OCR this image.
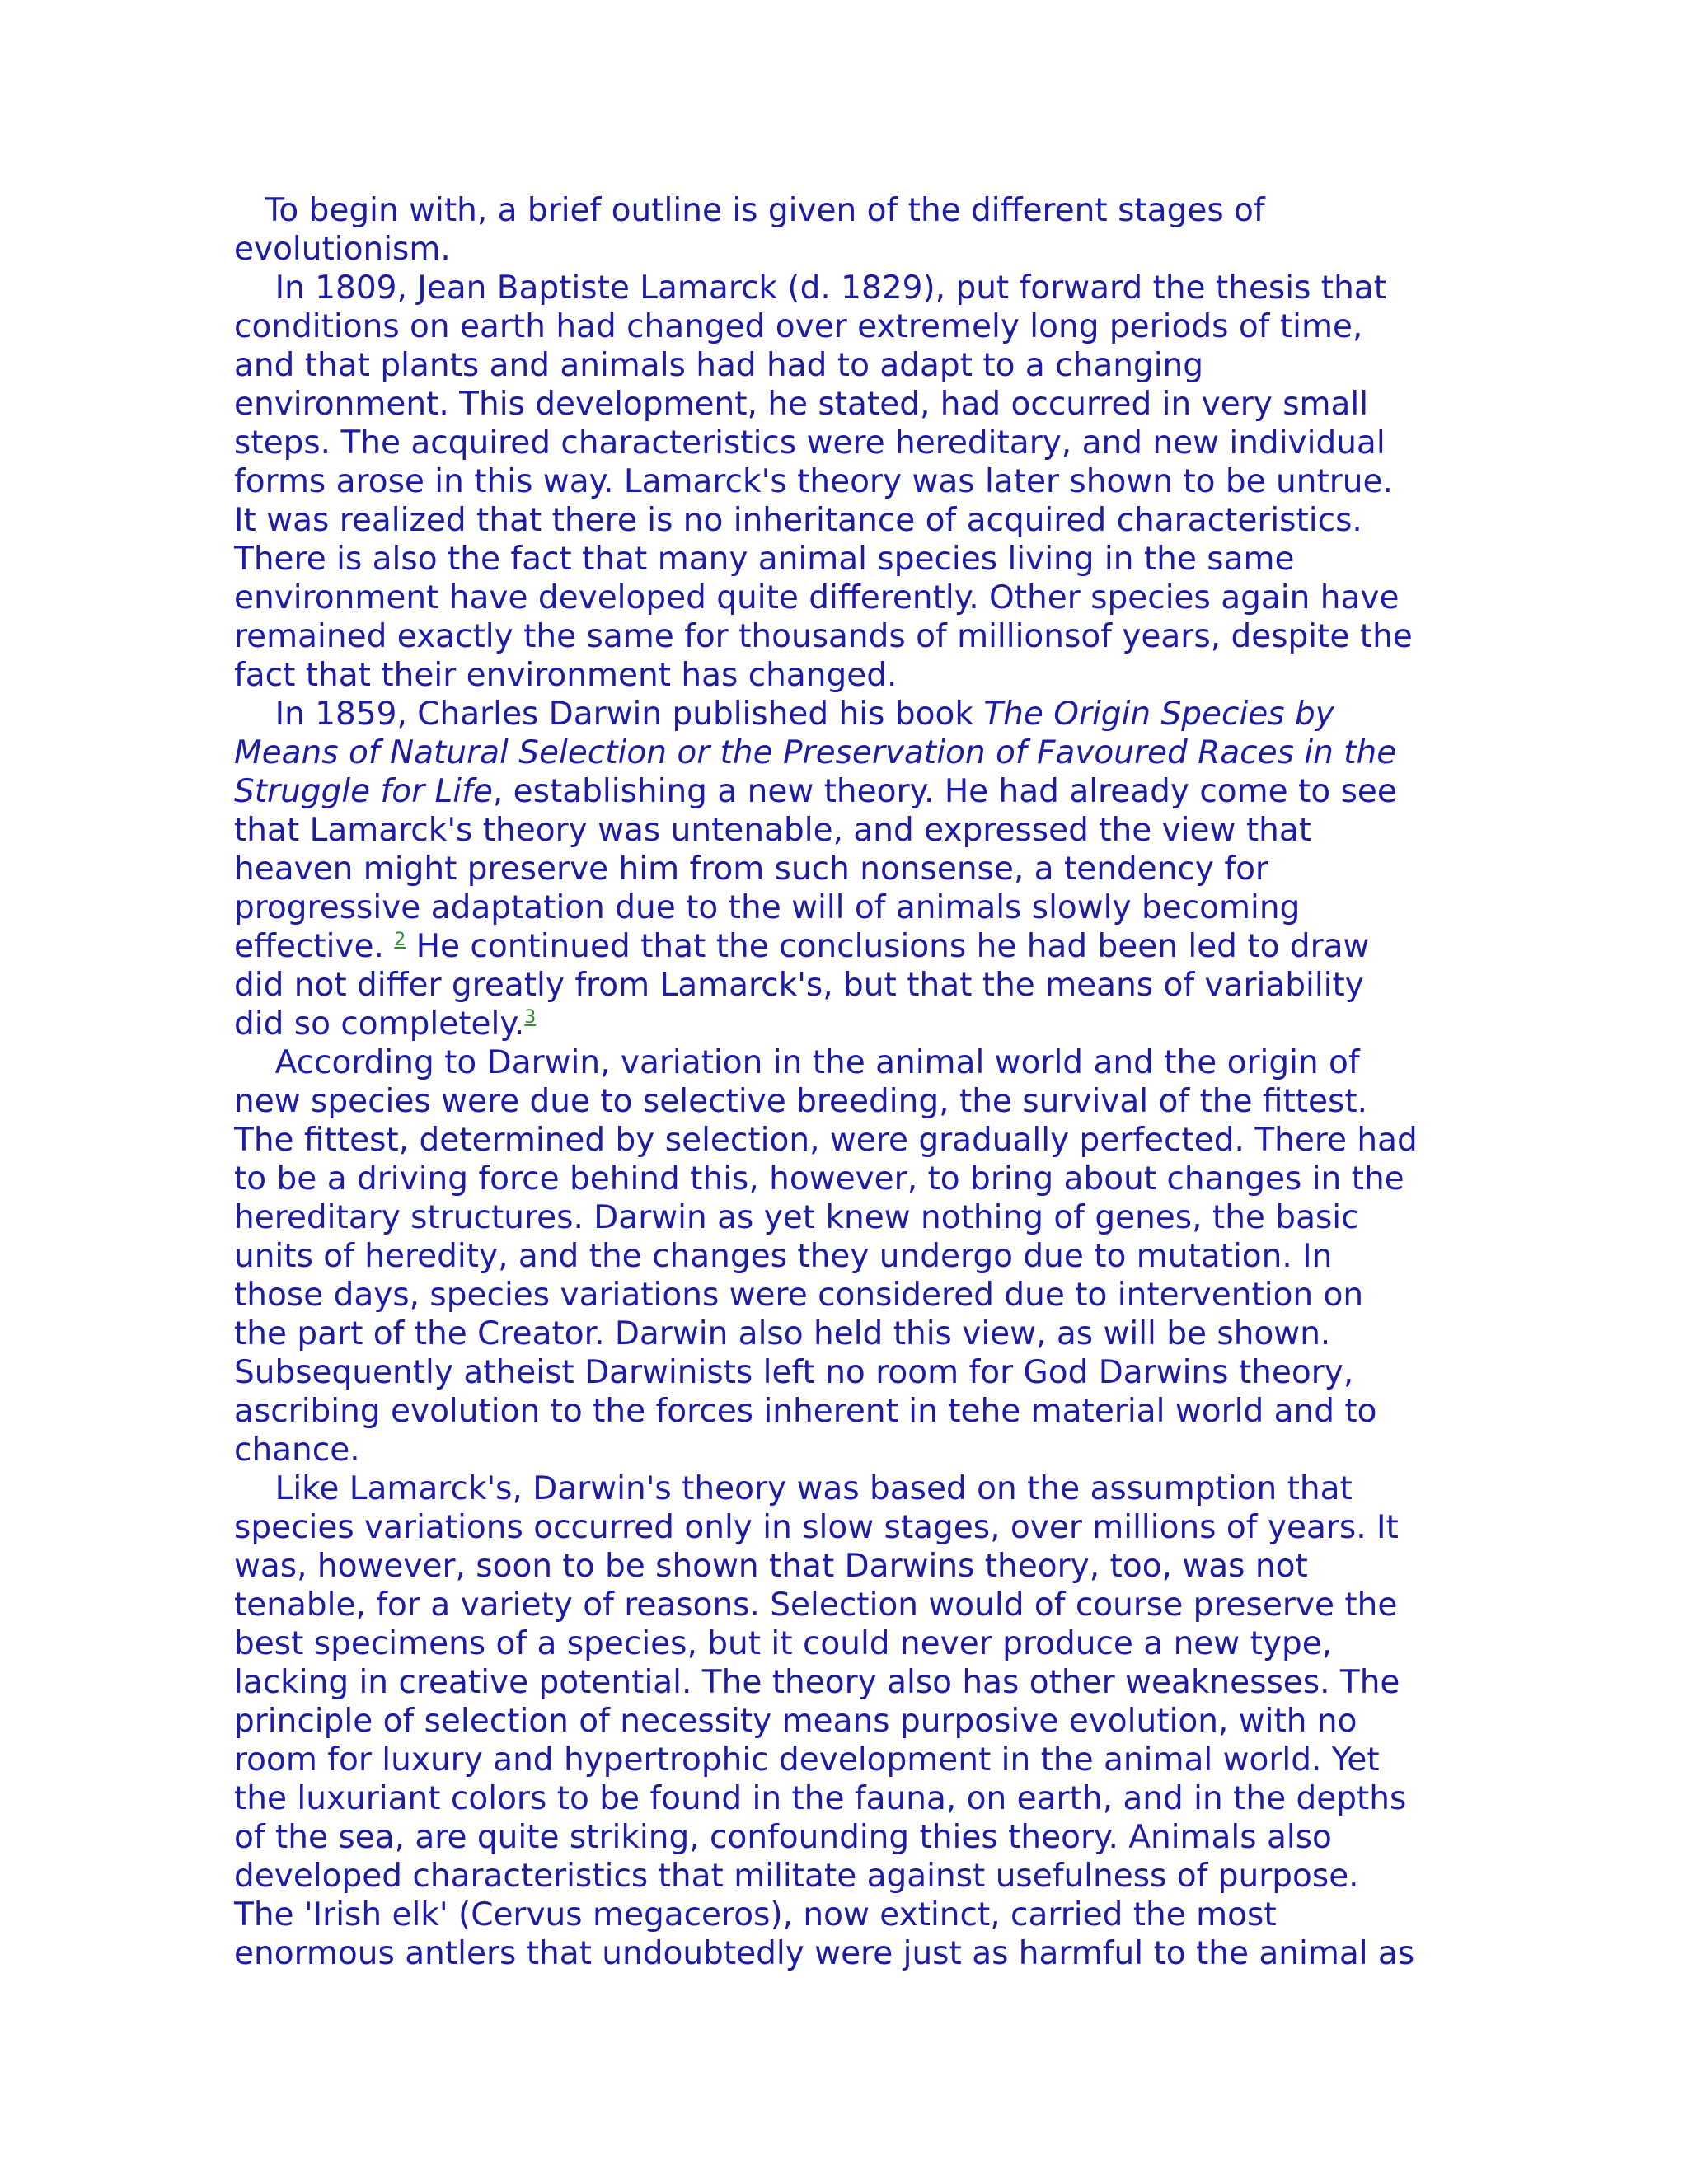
To begin with, a brief outline is given of the different stages of
evolutionism.
In 1809, Jean Baptiste Lamarck (d. 1829), put forward the thesis that
conditions on earth had changed over extremely long periods of time,
and that plants and animals had had to adapt to a changing
environment. This development, he stated, had occurred in very small
steps. The acquired characteristics were hereditary, and new individual
forms arose in this way. Lamarck's theory was later shown to be untrue.
It was realized that there is no inheritance of acquired characteristics.
There is also the fact that many animal species living in the same
environment have developed quite differently. Other species again have
remained exactly the same for thousands of millionsof years, despite the
fact that their environment has changed.
In 1859, Charles Darwin published his book The Origin Species by
Means of Natural Selection or the Preservation of Favoured Races in the
Struggle for Life, establishing a new theory. He had already come to see
that Lamarck's theory was untenable, and expressed the view that
heaven might preserve him from such nonsense, a tendency for
progressive adaptation due to the will of animals slowly becoming
effective. $^2$ He continued that the conclusions he had been led to draw
did not differ greatly from Lamarck's, but that the means of variability
did so completely.$^3$
According to Darwin, variation in the animal world and the origin of
new species were due to selective breeding, the survival of the fittest.
The fittest, determined by selection, were gradually perfected. There had
to be a driving force behind this, however, to bring about changes in the
hereditary structures. Darwin as yet knew nothing of genes, the basic
units of heredity, and the changes they undergo due to mutation. In
those days, species variations were considered due to intervention on
the part of the Creator. Darwin also held this view, as will be shown.
Subsequently atheist Darwinists left no room for God Darwins theory,
ascribing evolution to the forces inherent in tehe material world and to
chance.
Like Lamarck's, Darwin's theory was based on the assumption that
species variations occurred only in slow stages, over millions of years. It
was, however, soon to be shown that Darwins theory, too, was not
tenable, for a variety of reasons. Selection would of course preserve the
best specimens of a species, but it could never produce a new type,
lacking in creative potential. The theory also has other weaknesses. The
principle of selection of necessity means purposive evolution, with no
room for luxury and hypertrophic development in the animal world. Yet
the luxuriant colors to be found in the fauna, on earth, and in the depths
of the sea, are quite striking, confounding thies theory. Animals also
developed characteristics that militate against usefulness of purpose.
The 'Irish elk' (Cervus megaceros), now extinct, carried the most
enormous antlers that undoubtedly were just as harmful to the animal as
